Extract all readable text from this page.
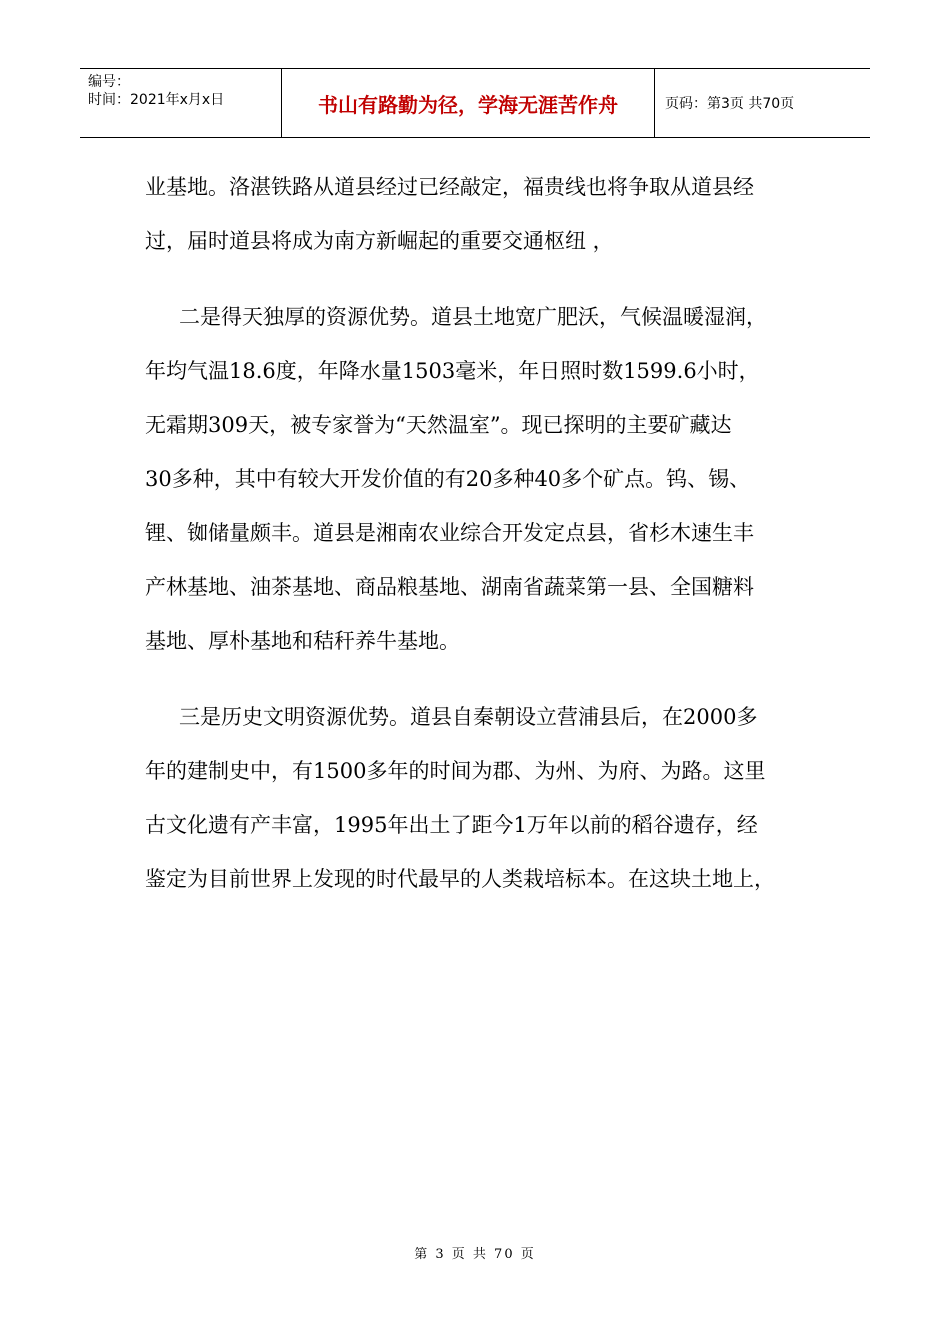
编号：
时间：2021年x月x日	书山有路勤为径，学海无涯苦作舟	页码：第3页 共70页
业基地。洛湛铁路从道县经过已经敲定，福贵线也将争取从道县经
过，届时道县将成为南方新崛起的重要交通枢纽 ，
二是得天独厚的资源优势。道县土地宽广肥沃，气候温暖湿润，
年均气温18.6度，年降水量1503毫米，年日照时数1599.6小时，
无霜期309天，被专家誉为“天然温室”。现已探明的主要矿藏达
30多种，其中有较大开发价值的有20多种40多个矿点。钨、锡、
锂、铷储量颇丰。道县是湘南农业综合开发定点县，省杉木速生丰
产林基地、油茶基地、商品粮基地、湖南省蔬菜第一县、全国糖料
基地、厚朴基地和秸秆养牛基地。
三是历史文明资源优势。道县自秦朝设立营浦县后，在2000多
年的建制史中，有1500多年的时间为郡、为州、为府、为路。这里
古文化遗有产丰富，1995年出土了距今1万年以前的稻谷遗存，经
鉴定为目前世界上发现的时代最早的人类栽培标本。在这块土地上，
第 3 页 共 70 页
